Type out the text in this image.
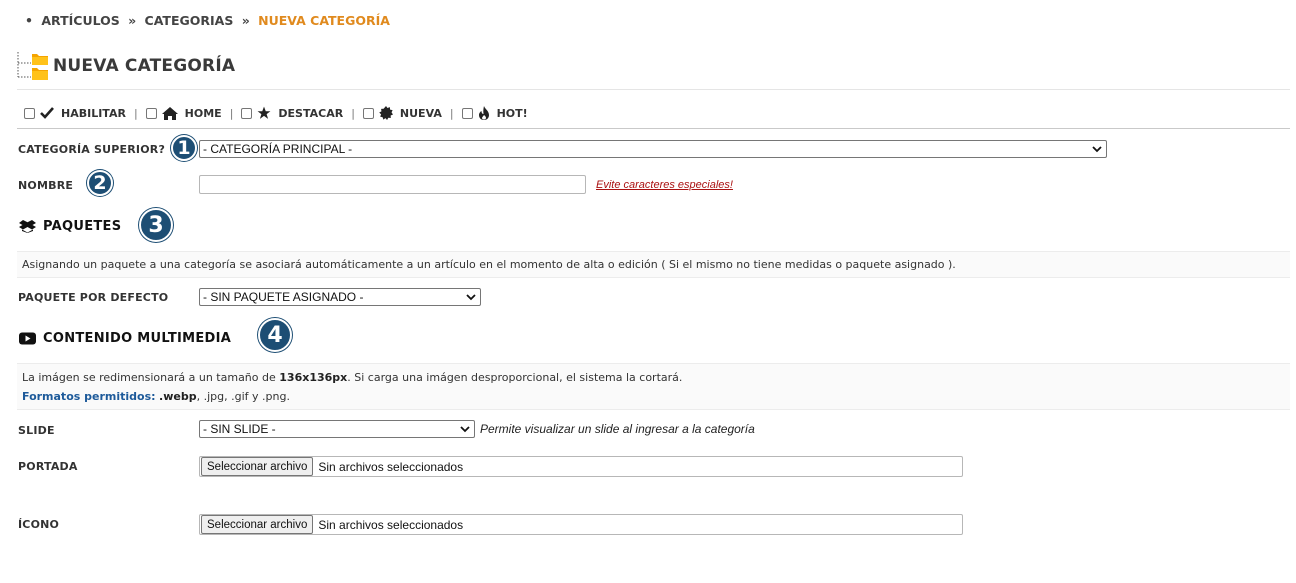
• ARTÍCULOS » CATEGORIAS » NUEVA CATEGORÍA
NUEVA CATEGORÍA
HABILITAR |	HOME |	DESTACAR |	NUEVA |	HOT!
CATEGORÍA SUPERIOR? 1	- CATEGORÍA PRINCIPAL -
NOMBRE	2	Evite caracteres especiales!
PAQUETES	3
Asignando un paquete a una categoría se asociará automáticamente a un artículo en el momento de alta o edición ( Si el mismo no tiene medidas o paquete asignado ).
PAQUETE POR DEFECTO	- SIN PAQUETE ASIGNADO -
CONTENIDO MULTIMEDIA	4
La imágen se redimensionará a un tamaño de 136x136px. Si carga una imágen desproporcional, el sistema la cortará.
Formatos permitidos: .webp, .jpg, .gif y .png.
SLIDE	- SIN SLIDE -	Permite visualizar un slide al ingresar a la categoría
PORTADA	Seleccionar archivo Sin archivos seleccionados
ÍCONO	Seleccionar archivo Sin archivos seleccionados
